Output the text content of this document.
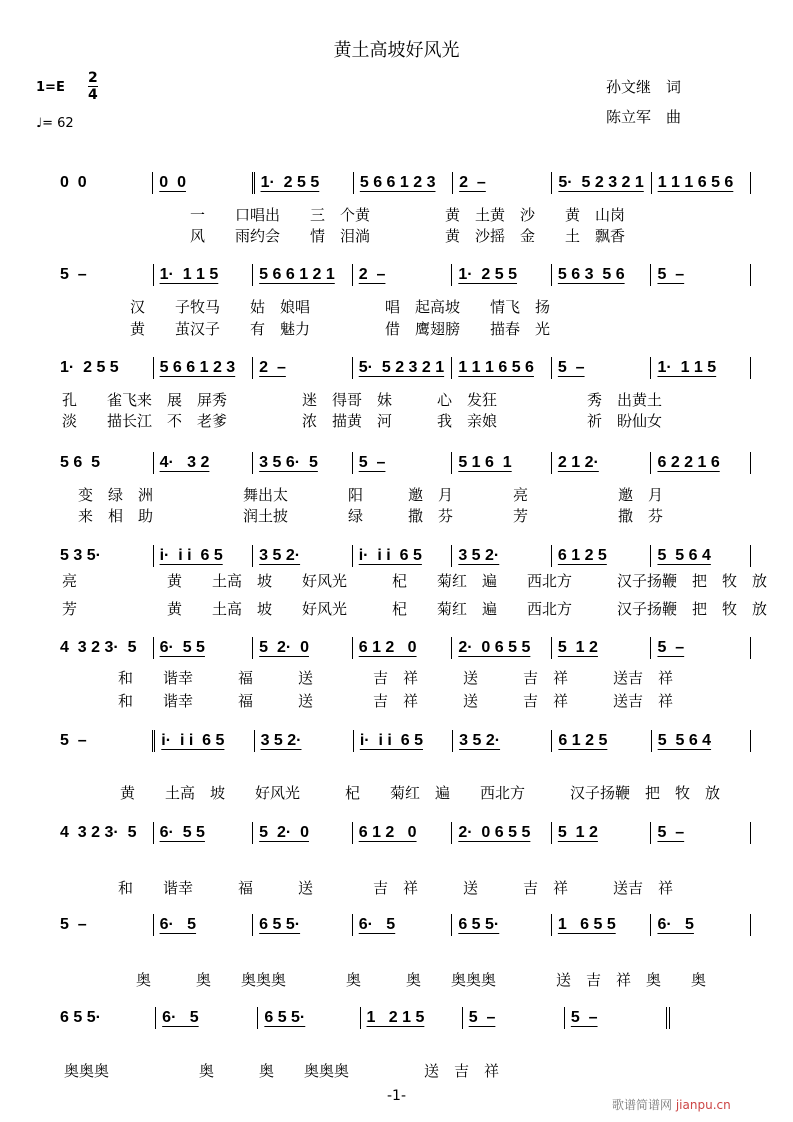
黄土高坡好风光
1=E
2
4
♩= 62
孙文继　词
陈立军　曲
0  0	0  0	1·  2 5 5	5 6 6 1 2 3	2  –	5·  5 2 3 2 1 1 1 1 6 5 6
一　　口唱出　　三　个黄　　　　　黄　土黄　沙　　黄　山岗
风　　雨约会　　情　泪淌　　　　　黄　沙摇　金　　土　飘香
5  –	1·  1 1 5	5 6 6 1 2 1	2  –	1·  2 5 5	5 6 3  5 6	5  –
汉　　子牧马　　姑　娘唱　　　　　唱　起高坡　　情飞　扬
黄　　茧汉子　　有　魅力　　　　　借　鹰翅膀　　描春　光
1·  2 5 5	5 6 6 1 2 3	2  –	5·  5 2 3 2 1 1 1 1 6 5 6	5  –	1·  1 1 5
孔　　雀飞来　展　屏秀　　　　　迷　得哥　妹　　　心　发狂　　　　　　秀　出黄土
淡　　描长江　不　老爹　　　　　浓　描黄　河　　　我　亲娘　　　　　　祈　盼仙女
5 6  5	4·   3 2	3 5 6·  5	5  –	5 1 6  1	2 1 2·	6 2 2 1 6
变　绿　洲　　　　　　舞出太　　　　阳　　　邀　月　　　　亮　　　　　　邀　月
来　相　助　　　　　　润土披　　　　绿　　　撒　芬　　　　芳　　　　　　撒　芬
5 3 5·	i·  i i  6 5	3 5 2·	i·  i i  6 5	3 5 2·	6 1 2 5	5  5 6 4
亮　　　　　　黄　　土高　坡　　好风光　　　杞　　菊红　遍　　西北方　　　汉子扬鞭　把　牧　放
芳　　　　　　黄　　土高　坡　　好风光　　　杞　　菊红　遍　　西北方　　　汉子扬鞭　把　牧　放
4  3 2 3·  5	6·  5 5	5  2·  0	6 1 2   0	2·  0 6 5 5	5  1 2	5  –
和　　谐幸　　　福　　　送　　　　吉　祥　　　送　　　吉　祥　　　送吉　祥
和　　谐幸　　　福　　　送　　　　吉　祥　　　送　　　吉　祥　　　送吉　祥
5  –	i·  i i  6 5	3 5 2·	i·  i i  6 5	3 5 2·	6 1 2 5	5  5 6 4
黄　　土高　坡　　好风光　　　杞　　菊红　遍　　西北方　　　汉子扬鞭　把　牧　放
4  3 2 3·  5	6·  5 5	5  2·  0	6 1 2   0	2·  0 6 5 5	5  1 2	5  –
和　　谐幸　　　福　　　送　　　　吉　祥　　　送　　　吉　祥　　　送吉　祥
5  –	6·   5	6 5 5·	6·   5	6 5 5·	1   6 5 5	6·   5
奥　　　奥　　奥奥奥　　　　奥　　　奥　　奥奥奥　　　　送　吉　祥　奥　　奥
6 5 5·	6·   5	6 5 5·	1   2 1 5	5  –	5  –
奥奥奥　　　　　　奥　　　奥　　奥奥奥　　　　　送　吉　祥
-1-
歌谱简谱网 jianpu.cn
